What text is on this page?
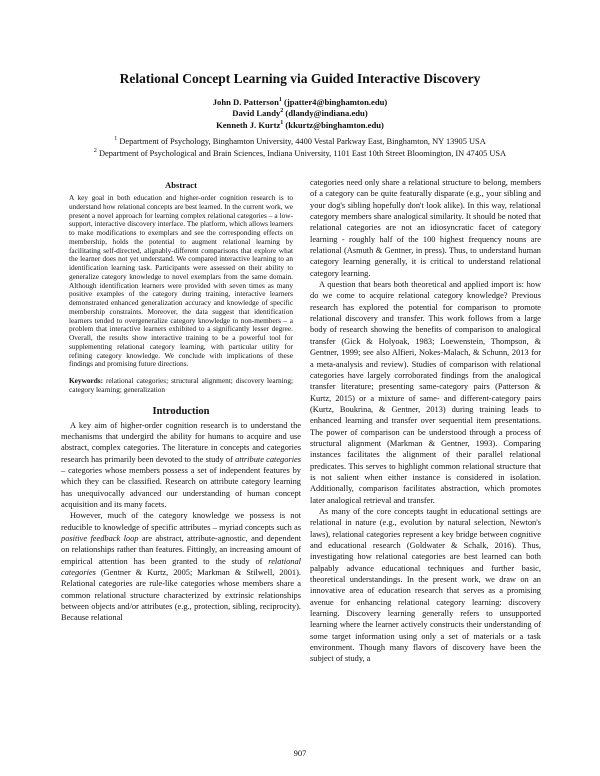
Relational Concept Learning via Guided Interactive Discovery
John D. Patterson$^1$ (jpatter4@binghamton.edu)
David Landy$^2$ (dlandy@indiana.edu)
Kenneth J. Kurtz$^1$ (kkurtz@binghamton.edu)
$^1$ Department of Psychology, Binghamton University, 4400 Vestal Parkway East, Binghamton, NY 13905 USA
$^2$ Department of Psychological and Brain Sciences, Indiana University, 1101 East 10th Street Bloomington, IN 47405 USA
Abstract

A key goal in both education and higher-order cognition research is to understand how relational concepts are best learned. In the current work, we present a novel approach for learning complex relational categories – a low-support, interactive discovery interface. The platform, which allows learners to make modifications to exemplars and see the corresponding effects on membership, holds the potential to augment relational learning by facilitating self-directed, alignably-different comparisons that explore what the learner does not yet understand. We compared interactive learning to an identification learning task. Participants were assessed on their ability to generalize category knowledge to novel exemplars from the same domain. Although identification learners were provided with seven times as many positive examples of the category during training, interactive learners demonstrated enhanced generalization accuracy and knowledge of specific membership constraints. Moreover, the data suggest that identification learners tended to overgeneralize category knowledge to non-members – a problem that interactive learners exhibited to a significantly lesser degree. Overall, the results show interactive training to be a powerful tool for supplementing relational category learning, with particular utility for refining category knowledge. We conclude with implications of these findings and promising future directions.

Keywords: relational categories; structural alignment; discovery learning; category learning; generalization

Introduction

A key aim of higher-order cognition research is to understand the mechanisms that undergird the ability for humans to acquire and use abstract, complex categories. The literature in concepts and categories research has primarily been devoted to the study of attribute categories – categories whose members possess a set of independent features by which they can be classified. Research on attribute category learning has unequivocally advanced our understanding of human concept acquisition and its many facets.

However, much of the category knowledge we possess is not reducible to knowledge of specific attributes – myriad concepts such as positive feedback loop are abstract, attribute-agnostic, and dependent on relationships rather than features. Fittingly, an increasing amount of empirical attention has been granted to the study of relational categories (Gentner & Kurtz, 2005; Markman & Stilwell, 2001). Relational categories are rule-like categories whose members share a common relational structure characterized by extrinsic relationships between objects and/or attributes (e.g., protection, sibling, reciprocity). Because relational

categories need only share a relational structure to belong, members of a category can be quite featurally disparate (e.g., your sibling and your dog's sibling hopefully don't look alike). In this way, relational category members share analogical similarity. It should be noted that relational categories are not an idiosyncratic facet of category learning - roughly half of the 100 highest frequency nouns are relational (Asmuth & Gentner, in press). Thus, to understand human category learning generally, it is critical to understand relational category learning.

A question that bears both theoretical and applied import is: how do we come to acquire relational category knowledge? Previous research has explored the potential for comparison to promote relational discovery and transfer. This work follows from a large body of research showing the benefits of comparison to analogical transfer (Gick & Holyoak, 1983; Loewenstein, Thompson, & Gentner, 1999; see also Alfieri, Nokes-Malach, & Schunn, 2013 for a meta-analysis and review). Studies of comparison with relational categories have largely corroborated findings from the analogical transfer literature; presenting same-category pairs (Patterson & Kurtz, 2015) or a mixture of same- and different-category pairs (Kurtz, Boukrina, & Gentner, 2013) during training leads to enhanced learning and transfer over sequential item presentations. The power of comparison can be understood through a process of structural alignment (Markman & Gentner, 1993). Comparing instances facilitates the alignment of their parallel relational predicates. This serves to highlight common relational structure that is not salient when either instance is considered in isolation. Additionally, comparison facilitates abstraction, which promotes later analogical retrieval and transfer.

As many of the core concepts taught in educational settings are relational in nature (e.g., evolution by natural selection, Newton's laws), relational categories represent a key bridge between cognitive and educational research (Goldwater & Schalk, 2016). Thus, investigating how relational categories are best learned can both palpably advance educational techniques and further basic, theoretical understandings. In the present work, we draw on an innovative area of education research that serves as a promising avenue for enhancing relational category learning: discovery learning. Discovery learning generally refers to unsupported learning where the learner actively constructs their understanding of some target information using only a set of materials or a task environment. Though many flavors of discovery have been the subject of study, a

907
